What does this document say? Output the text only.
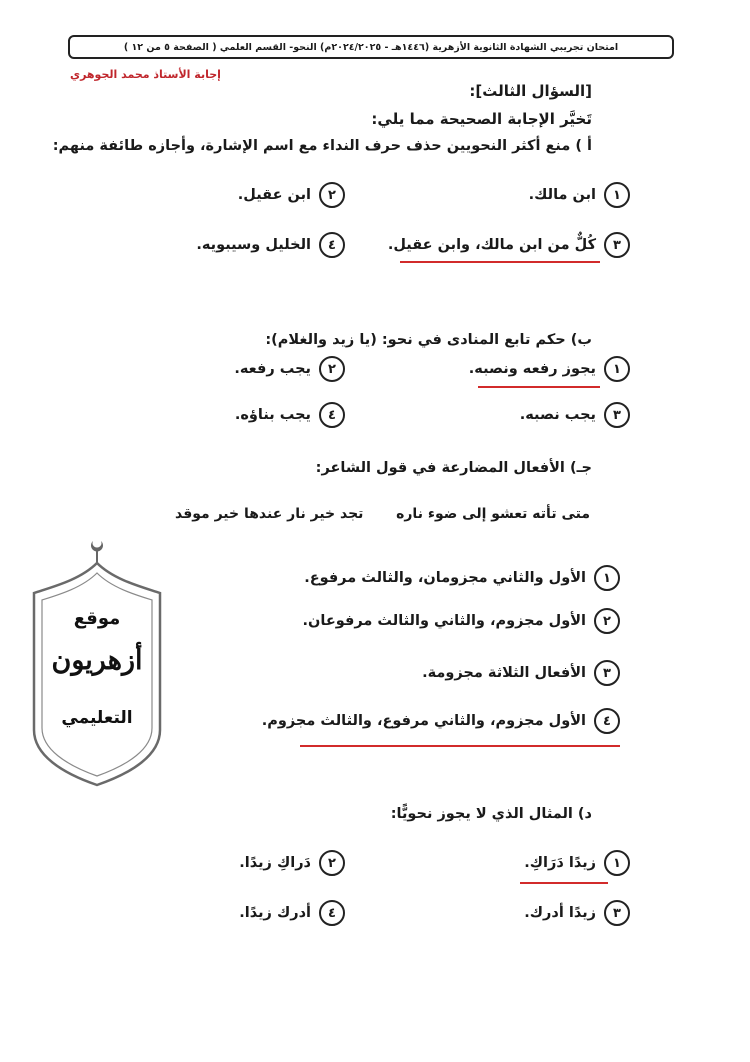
امتحان تجريبي الشهادة الثانوية الأزهرية (١٤٤٦هـ - ٢٠٢٤/٢٠٢٥م) النحو- القسم العلمي ( الصفحة ٥ من ١٢ )
إجابة الأستاذ محمد الجوهري
[السؤال الثالث]:
تَخيَّر الإجابة الصحيحة مما يلي:
أ ) منع أكثر النحويين حذف حرف النداء مع اسم الإشارة، وأجازه طائفة منهم:
١
ابن مالك.
٢
ابن عقيل.
٣
كُلٌّ من ابن مالك، وابن عقيل.
٤
الخليل وسيبويه.
ب) حكم تابع المنادى في نحو: (يا زيد والغلام):
١
يجوز رفعه ونصبه.
٢
يجب رفعه.
٣
يجب نصبه.
٤
يجب بناؤه.
جـ) الأفعال المضارعة في قول الشاعر:
متى تأته تعشو إلى ضوء ناره
تجد خير نار عندها خير موقد
١
الأول والثاني مجزومان، والثالث مرفوع.
٢
الأول مجزوم، والثاني والثالث مرفوعان.
٣
الأفعال الثلاثة مجزومة.
٤
الأول مجزوم، والثاني مرفوع، والثالث مجزوم.
د) المثال الذي لا يجوز نحويًّا:
١
زيدًا دَرَاكِ.
٢
دَراكِ زيدًا.
٣
زيدًا أدرك.
٤
أدرك زيدًا.
موقع
أزهريون
التعليمي
